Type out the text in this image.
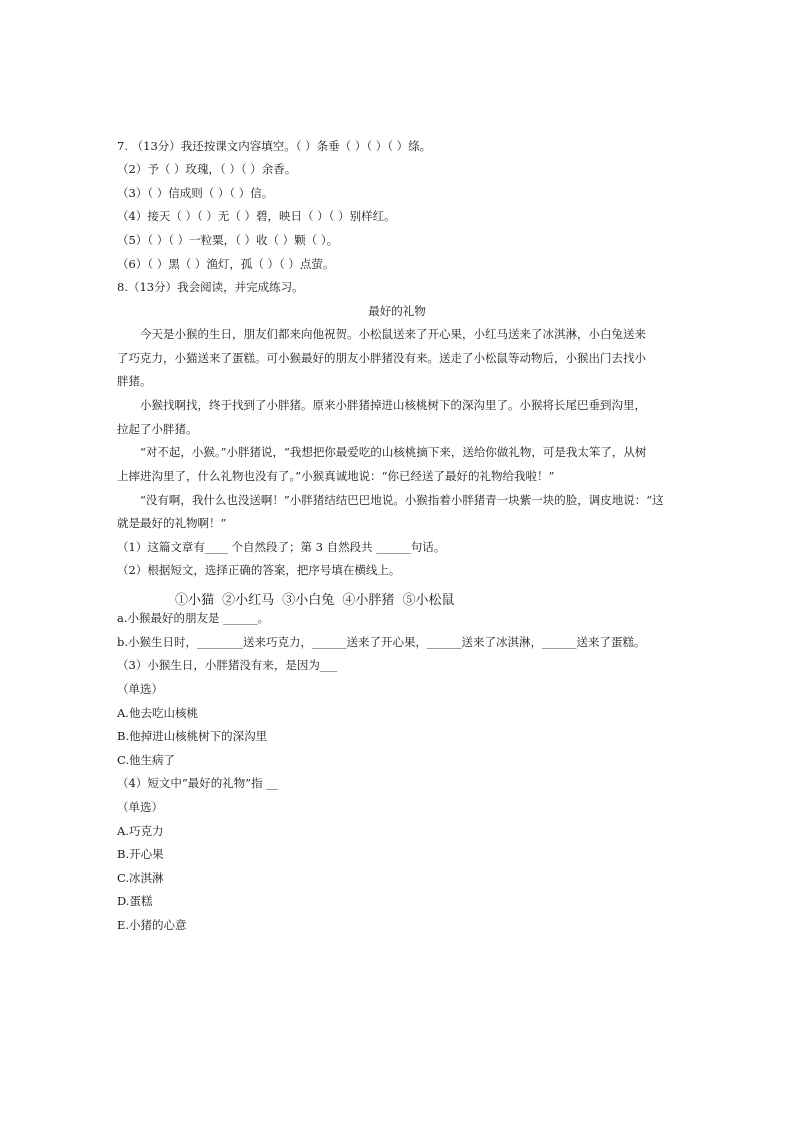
7. （13分）我还按课文内容填空。（ ）条垂（ ）（ ）（ ）绦。
（2）予（ ）玫瑰，（ ）（ ）余香。
（3）（ ）信成则（ ）（ ）信。
（4）接天（ ）（ ）无（ ）碧，映日（ ）（ ）别样红。
（5）（ ）（ ）一粒粟，（ ）收（ ）颗（ ）。
（6）（ ）黑（ ）渔灯，孤（ ）（ ）点萤。
8.（13分）我会阅读，并完成练习。
最好的礼物
今天是小猴的生日，朋友们都来向他祝贺。小松鼠送来了开心果，小红马送来了冰淇淋，小白兔送来
了巧克力，小猫送来了蛋糕。可小猴最好的朋友小胖猪没有来。送走了小松鼠等动物后，小猴出门去找小
胖猪。
小猴找啊找，终于找到了小胖猪。原来小胖猪掉进山核桃树下的深沟里了。小猴将长尾巴垂到沟里，
拉起了小胖猪。
“对不起，小猴。”小胖猪说，“我想把你最爱吃的山核桃摘下来，送给你做礼物，可是我太笨了，从树
上摔进沟里了，什么礼物也没有了。”小猴真诚地说：“你已经送了最好的礼物给我啦！”
“没有啊，我什么也没送啊！”小胖猪结结巴巴地说。小猴指着小胖猪青一块紫一块的脸，调皮地说：“这
就是最好的礼物啊！”
（1）这篇文章有____ 个自然段了；第 3 自然段共 ______句话。
（2）根据短文，选择正确的答案，把序号填在横线上。
①小猫 ②小红马 ③小白兔 ④小胖猪 ⑤小松鼠
a.小猴最好的朋友是 ______。
b.小猴生日时，________送来巧克力，______送来了开心果，______送来了冰淇淋，______送来了蛋糕。
（3）小猴生日，小胖猪没有来，是因为___
（单选）
A.他去吃山核桃
B.他掉进山核桃树下的深沟里
C.他生病了
（4）短文中“最好的礼物”指 __
（单选）
A.巧克力
B.开心果
C.冰淇淋
D.蛋糕
E.小猪的心意
